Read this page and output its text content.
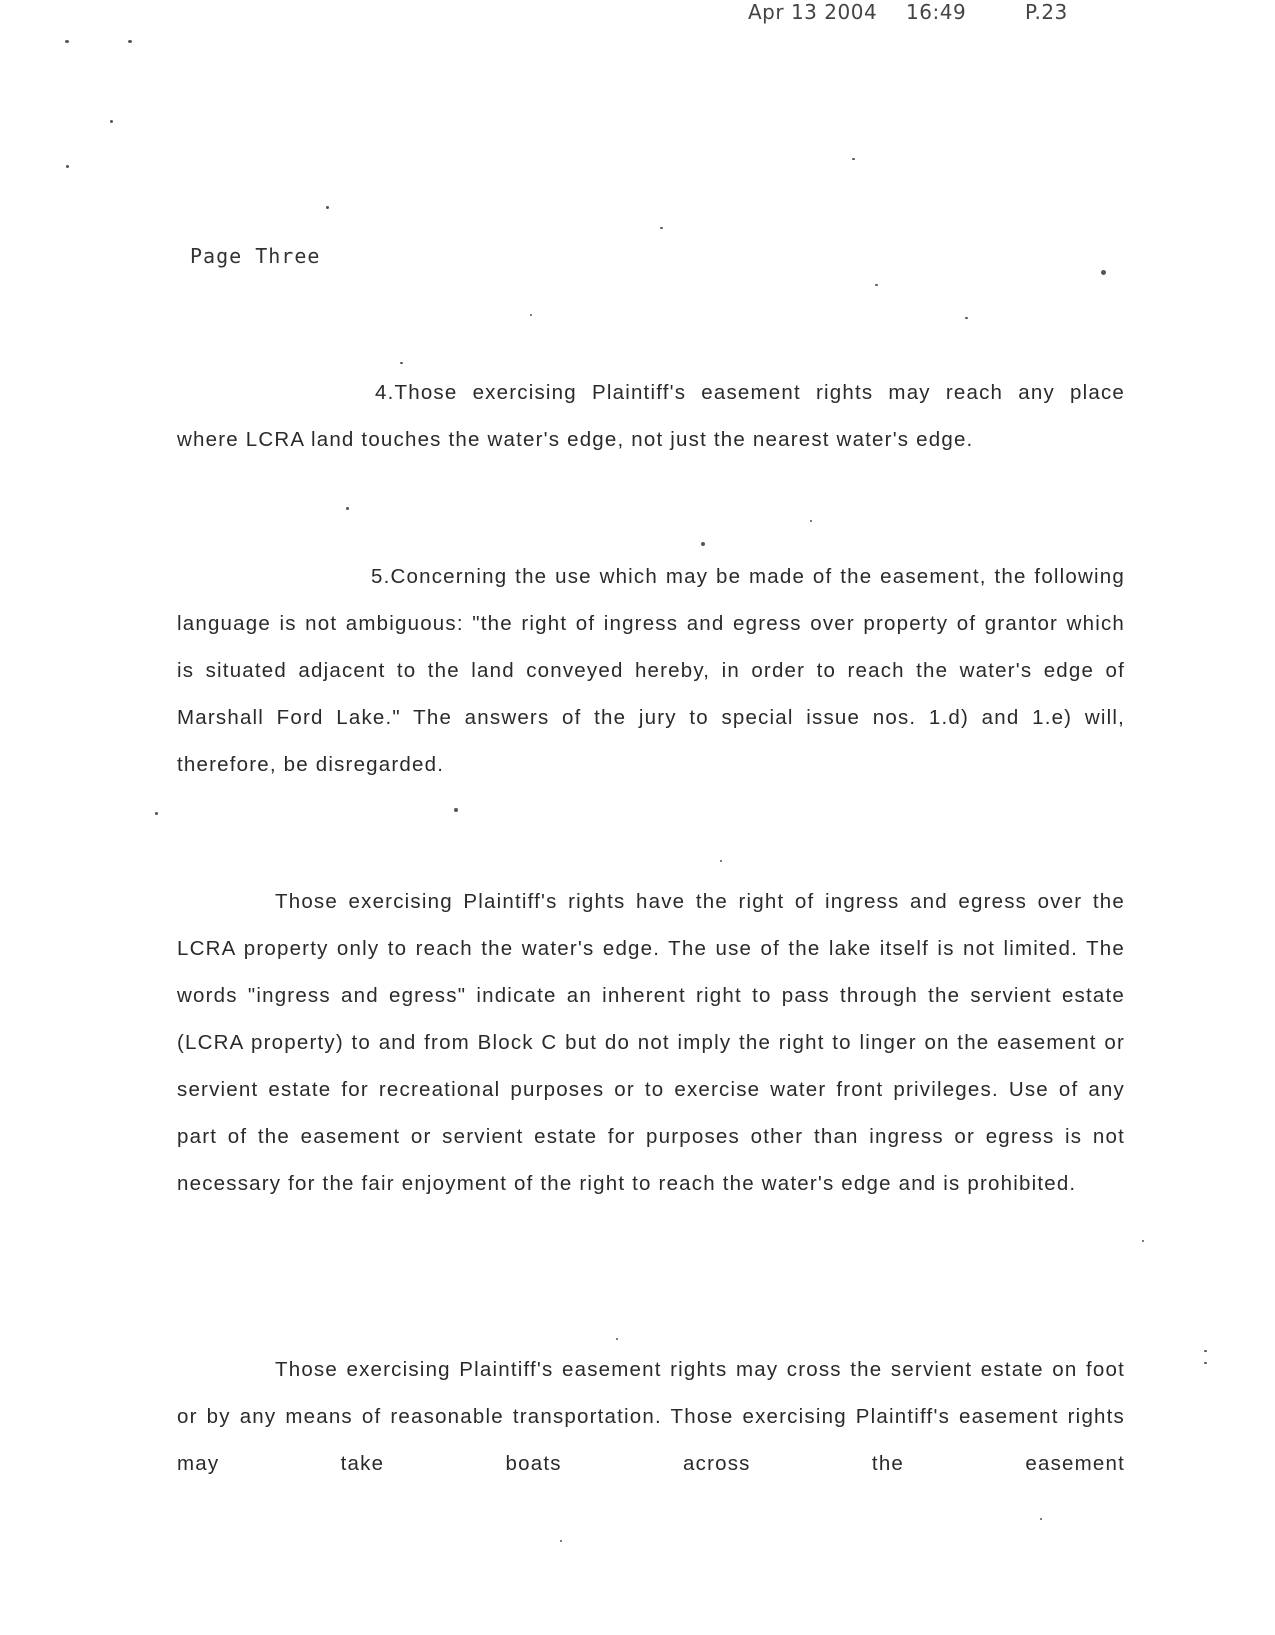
Apr 13 2004 16:49	P.23
Page Three
4.Those exercising Plaintiff's easement rights may reach any place where LCRA land touches the water's edge, not just the nearest water's edge.
5.Concerning the use which may be made of the easement, the following language is not ambiguous: "the right of ingress and egress over property of grantor which is situated adjacent to the land conveyed hereby, in order to reach the water's edge of Marshall Ford Lake." The answers of the jury to special issue nos. 1.d) and 1.e) will, therefore, be disregarded.
Those exercising Plaintiff's rights have the right of ingress and egress over the LCRA property only to reach the water's edge. The use of the lake itself is not limited. The words "ingress and egress" indicate an inherent right to pass through the servient estate (LCRA property) to and from Block C but do not imply the right to linger on the easement or servient estate for recreational purposes or to exercise water front privileges. Use of any part of the easement or servient estate for purposes other than ingress or egress is not necessary for the fair enjoyment of the right to reach the water's edge and is prohibited.
Those exercising Plaintiff's easement rights may cross the servient estate on foot or by any means of reasonable transportation. Those exercising Plaintiff's easement rights may take boats across the easement
